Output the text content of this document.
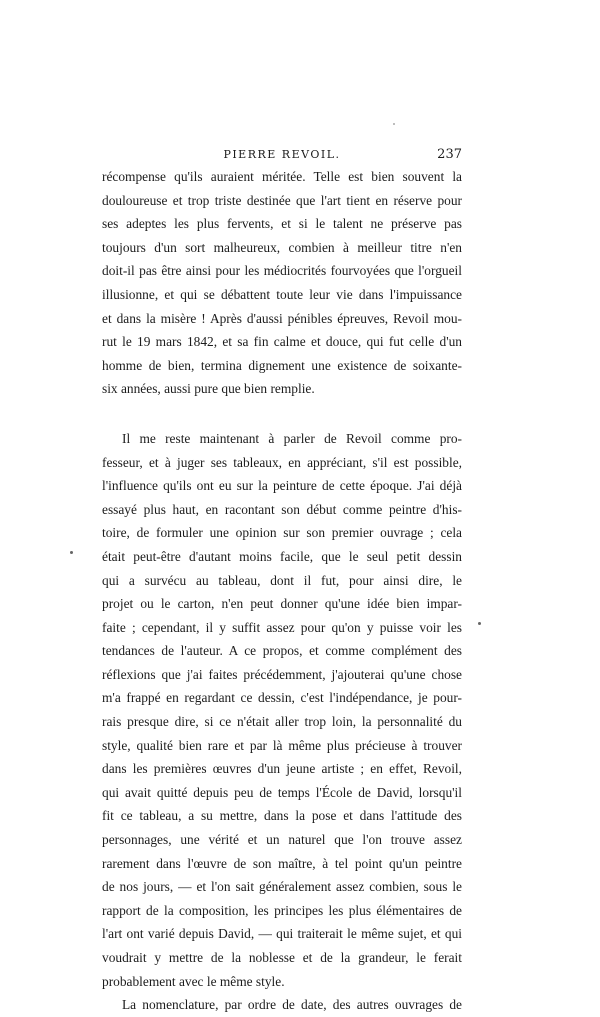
PIERRE REVOIL.	237
récompense qu'ils auraient méritée. Telle est bien souvent la
douloureuse et trop triste destinée que l'art tient en réserve pour
ses adeptes les plus fervents, et si le talent ne préserve pas
toujours d'un sort malheureux, combien à meilleur titre n'en
doit-il pas être ainsi pour les médiocrités fourvoyées que l'orgueil
illusionne, et qui se débattent toute leur vie dans l'impuissance
et dans la misère ! Après d'aussi pénibles épreuves, Revoil mou-
rut le 19 mars 1842, et sa fin calme et douce, qui fut celle d'un
homme de bien, termina dignement une existence de soixante-
six années, aussi pure que bien remplie.
Il me reste maintenant à parler de Revoil comme pro-
fesseur, et à juger ses tableaux, en appréciant, s'il est possible,
l'influence qu'ils ont eu sur la peinture de cette époque. J'ai déjà
essayé plus haut, en racontant son début comme peintre d'his-
toire, de formuler une opinion sur son premier ouvrage ; cela
était peut-être d'autant moins facile, que le seul petit dessin
qui a survécu au tableau, dont il fut, pour ainsi dire, le
projet ou le carton, n'en peut donner qu'une idée bien impar-
faite ; cependant, il y suffit assez pour qu'on y puisse voir les
tendances de l'auteur. A ce propos, et comme complément des
réflexions que j'ai faites précédemment, j'ajouterai qu'une chose
m'a frappé en regardant ce dessin, c'est l'indépendance, je pour-
rais presque dire, si ce n'était aller trop loin, la personnalité du
style, qualité bien rare et par là même plus précieuse à trouver
dans les premières œuvres d'un jeune artiste ; en effet, Revoil,
qui avait quitté depuis peu de temps l'École de David, lorsqu'il
fit ce tableau, a su mettre, dans la pose et dans l'attitude des
personnages, une vérité et un naturel que l'on trouve assez
rarement dans l'œuvre de son maître, à tel point qu'un peintre
de nos jours, — et l'on sait généralement assez combien, sous le
rapport de la composition, les principes les plus élémentaires de
l'art ont varié depuis David, — qui traiterait le même sujet, et qui
voudrait y mettre de la noblesse et de la grandeur, le ferait
probablement avec le même style.
La nomenclature, par ordre de date, des autres ouvrages de
